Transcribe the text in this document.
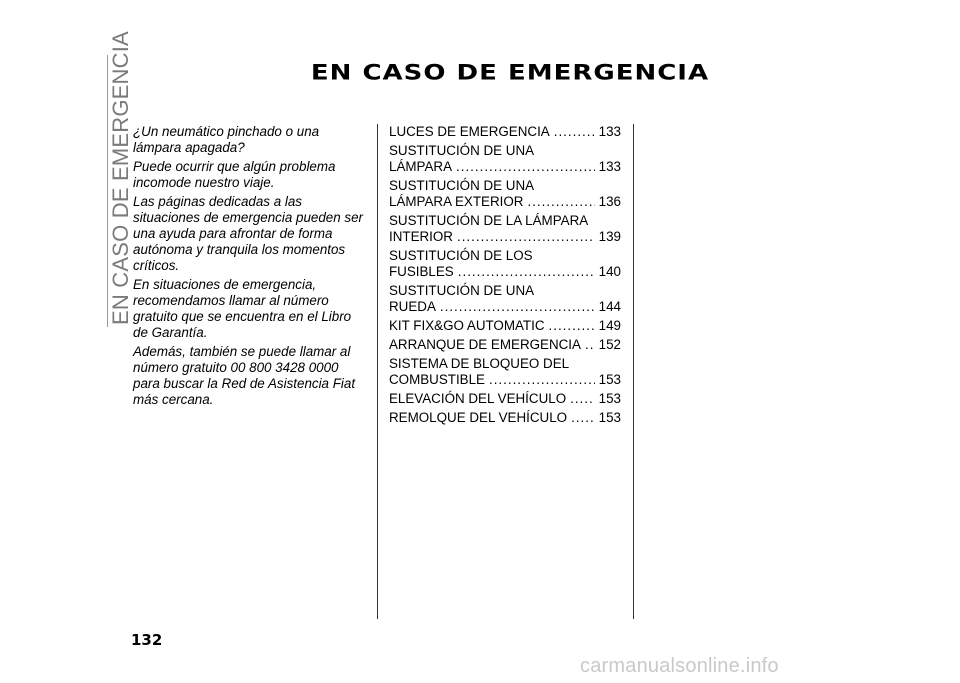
EN CASO DE EMERGENCIA	EN CASO DE EMERGENCIA

¿Un neumático pinchado o una lámpara apagada?

Puede ocurrir que algún problema incomode nuestro viaje.

Las páginas dedicadas a las situaciones de emergencia pueden ser una ayuda para afrontar de forma autónoma y tranquila los momentos críticos.

En situaciones de emergencia, recomendamos llamar al número gratuito que se encuentra en el Libro de Garantía.

Además, también se puede llamar al número gratuito 00 800 3428 0000 para buscar la Red de Asistencia Fiat más cercana.

LUCES DE EMERGENCIA .....	133
SUSTITUCIÓN DE UNA
LÁMPARA .....	133
SUSTITUCIÓN DE UNA
LÁMPARA EXTERIOR .....	136
SUSTITUCIÓN DE LA LÁMPARA
INTERIOR .....	139
SUSTITUCIÓN DE LOS
FUSIBLES .....	140
SUSTITUCIÓN DE UNA
RUEDA .....	144
KIT FIX&GO AUTOMATIC .....	149
ARRANQUE DE EMERGENCIA ..... 152
SISTEMA DE BLOQUEO DEL
COMBUSTIBLE .....	153
ELEVACIÓN DEL VEHÍCULO ..... 153
REMOLQUE DEL VEHÍCULO ..... 153
132
carmanualsonline.info
